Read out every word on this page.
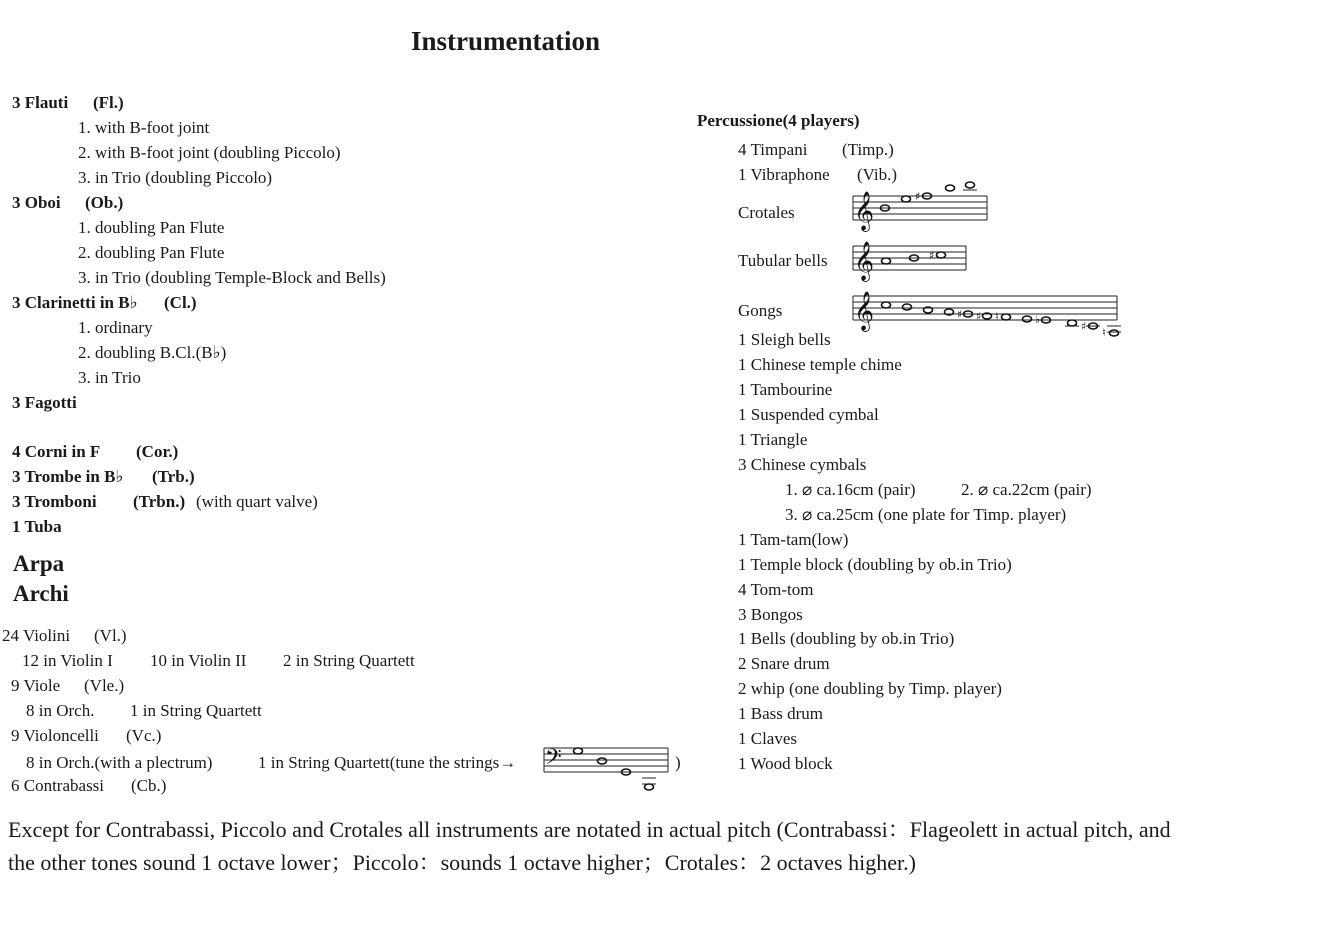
Instrumentation
3 Flauti (Fl.)
1. with B-foot joint
2. with B-foot joint (doubling Piccolo)
3. in Trio (doubling Piccolo)
3 Oboi (Ob.)
1. doubling Pan Flute
2. doubling Pan Flute
3. in Trio (doubling Temple-Block and Bells)
3 Clarinetti in B♭ (Cl.)
1. ordinary
2. doubling B.Cl.(B♭)
3. in Trio
3 Fagotti
4 Corni in F (Cor.)
3 Trombe in B♭ (Trb.)
3 Tromboni (Trbn.) (with quart valve)
1 Tuba
Arpa
Archi
24 Violini (Vl.)
12 in Violin I 10 in Violin II 2 in String Quartett
9 Viole (Vle.)
8 in Orch. 1 in String Quartett
9 Violoncelli (Vc.)
8 in Orch.(with a plectrum)	1 in String Quartett(tune the strings→	)
𝄢
6 Contrabassi (Cb.)
Percussione(4 players)
4 Timpani (Timp.)
1 Vibraphone (Vib.)
Crotales 𝄞	♯
Tubular bells 𝄞	♯
Gongs 𝄞	♯ ♯ ♮	♭
♯ ♮
1 Sleigh bells
1 Chinese temple chime
1 Tambourine
1 Suspended cymbal
1 Triangle
3 Chinese cymbals
1. ⌀ ca.16cm (pair)	2. ⌀ ca.22cm (pair)
3. ⌀ ca.25cm (one plate for Timp. player)
1 Tam-tam(low)
1 Temple block (doubling by ob.in Trio)
4 Tom-tom
3 Bongos
1 Bells (doubling by ob.in Trio)
2 Snare drum
2 whip (one doubling by Timp. player)
1 Bass drum
1 Claves
1 Wood block
Except for Contrabassi, Piccolo and Crotales all instruments are notated in actual pitch (Contrabassi：Flageolett in actual pitch, and
the other tones sound 1 octave lower；Piccolo：sounds 1 octave higher；Crotales：2 octaves higher.)
